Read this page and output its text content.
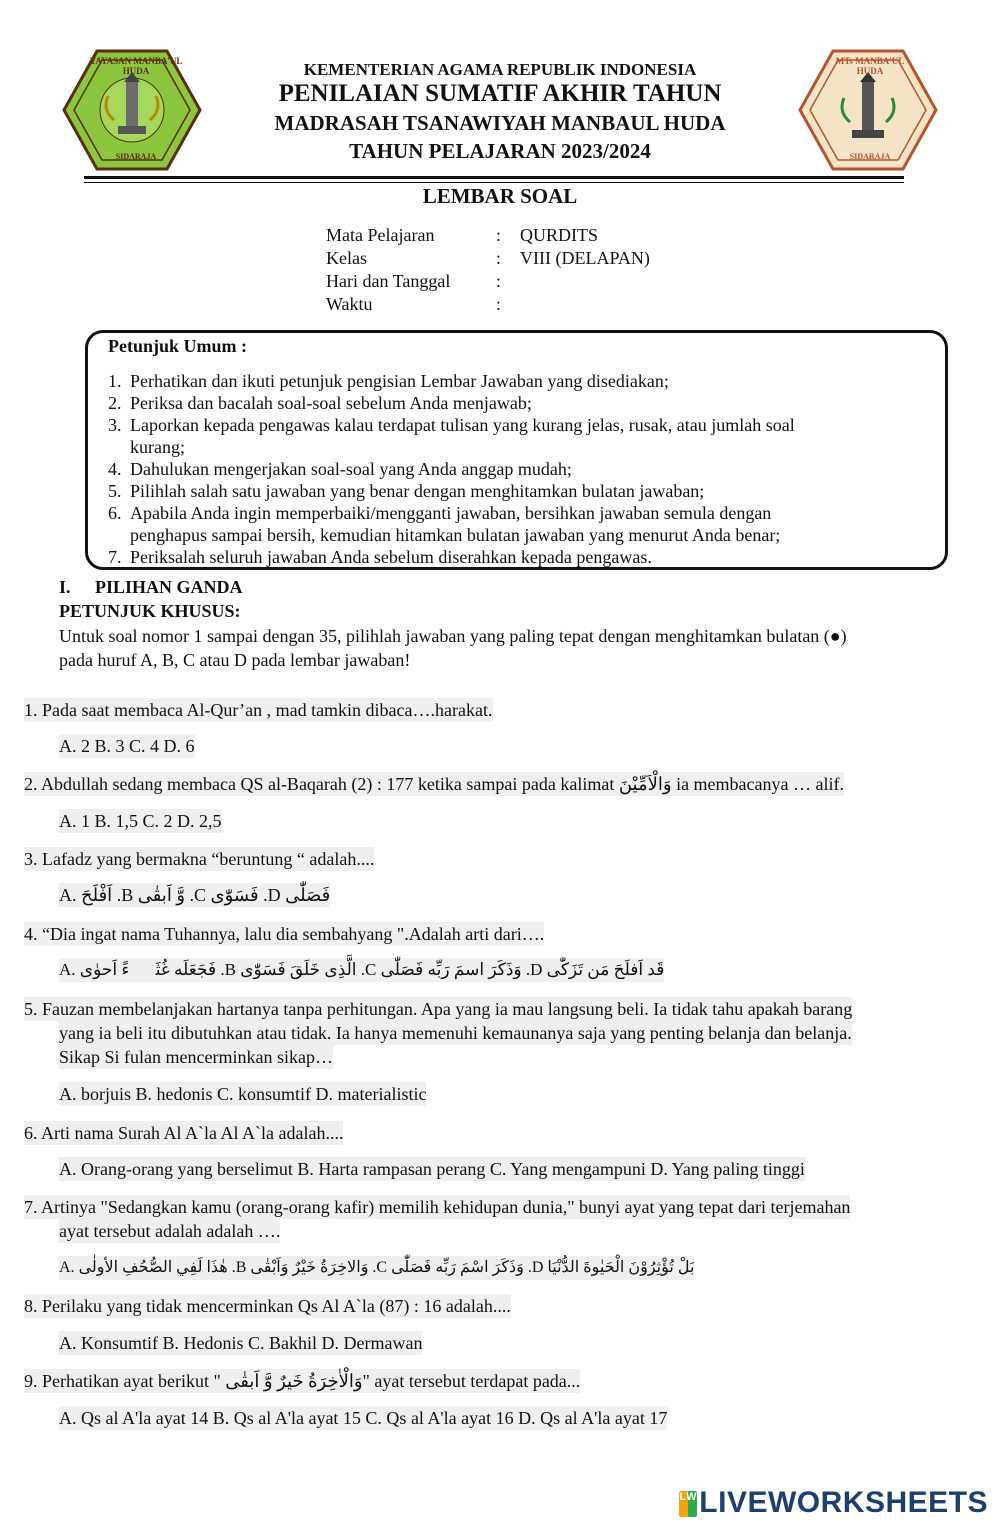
YAYASAN MANBA'UL HUDA
SIDARAJA
MTs MANBA'UL HUDA
SIDARAJA
KEMENTERIAN AGAMA REPUBLIK INDONESIA
PENILAIAN SUMATIF AKHIR TAHUN
MADRASAH TSANAWIYAH MANBAUL HUDA
TAHUN PELAJARAN 2023/2024
LEMBAR SOAL
Mata Pelajaran	: QURDITS
Kelas	: VIII (DELAPAN)
Hari dan Tanggal	:
Waktu	:
Petunjuk Umum :
1. Perhatikan dan ikuti petunjuk pengisian Lembar Jawaban yang disediakan;
2. Periksa dan bacalah soal-soal sebelum Anda menjawab;
3. Laporkan kepada pengawas kalau terdapat tulisan yang kurang jelas, rusak, atau jumlah soal
kurang;
4. Dahulukan mengerjakan soal-soal yang Anda anggap mudah;
5. Pilihlah salah satu jawaban yang benar dengan menghitamkan bulatan jawaban;
6. Apabila Anda ingin memperbaiki/mengganti jawaban, bersihkan jawaban semula dengan
penghapus sampai bersih, kemudian hitamkan bulatan jawaban yang menurut Anda benar;
7. Periksalah seluruh jawaban Anda sebelum diserahkan kepada pengawas.
I. PILIHAN GANDA
PETUNJUK KHUSUS:
Untuk soal nomor 1 sampai dengan 35, pilihlah jawaban yang paling tepat dengan menghitamkan bulatan (●)
pada huruf A, B, C atau D pada lembar jawaban!
1. Pada saat membaca Al-Qur’an , mad tamkin dibaca….harakat.
A. 2 B. 3 C. 4 D. 6
2. Abdullah sedang membaca QS al-Baqarah (2) : 177 ketika sampai pada kalimat وَالْاَمِّيْنَ ia membacanya … alif.
A. 1 B. 1,5 C. 2 D. 2,5
3. Lafadz yang bermakna “beruntung “ adalah....
A. اَفْلَحَ .B وَّ اَبقٰى .C فَسَوّٰى .D فَصَلّٰى
4. “Dia ingat nama Tuhannya, lalu dia sembahyang ".Adalah arti dari….
A. فَجَعَلَه غُثَاۤءً اَحوٰى .B الَّذِى خَلَقَ فَسَوّٰى .C وَذَكَرَ اسمَ رَبِّه فَصَلّٰى .D قَد اَفلَحَ مَن تَزَكّٰى
5. Fauzan membelanjakan hartanya tanpa perhitungan. Apa yang ia mau langsung beli. Ia tidak tahu apakah barang
yang ia beli itu dibutuhkan atau tidak. Ia hanya memenuhi kemaunanya saja yang penting belanja dan belanja.
Sikap Si fulan mencerminkan sikap…
A. borjuis B. hedonis C. konsumtif D. materialistic
6. Arti nama Surah Al A`la Al A`la adalah....
A. Orang-orang yang berselimut B. Harta rampasan perang C. Yang mengampuni D. Yang paling tinggi
7. Artinya "Sedangkan kamu (orang-orang kafir) memilih kehidupan dunia," bunyi ayat yang tepat dari terjemahan
ayat tersebut adalah adalah ….
A. هٰذَا لَفِي الصُّحُفِ الأولٰى .B وَالاخِرَةُ خَيْرٌ وَاَبْقٰى .C وَذَكَرَ اسْمَ رَبِّه فَصَلّٰى .D بَلْ تُؤْثِرُوْنَ الْحَيٰوةَ الدُّنْيَا
8. Perilaku yang tidak mencerminkan Qs Al A`la (87) : 16 adalah....
A. Konsumtif B. Hedonis C. Bakhil D. Dermawan
9. Perhatikan ayat berikut " وَالْاٰخِرَةُ خَيرٌ وَّ اَبقٰى" ayat tersebut terdapat pada...
A. Qs al A'la ayat 14 B. Qs al A'la ayat 15 C. Qs al A'la ayat 16 D. Qs al A'la ayat 17
LWLIVEWORKSHEETS
